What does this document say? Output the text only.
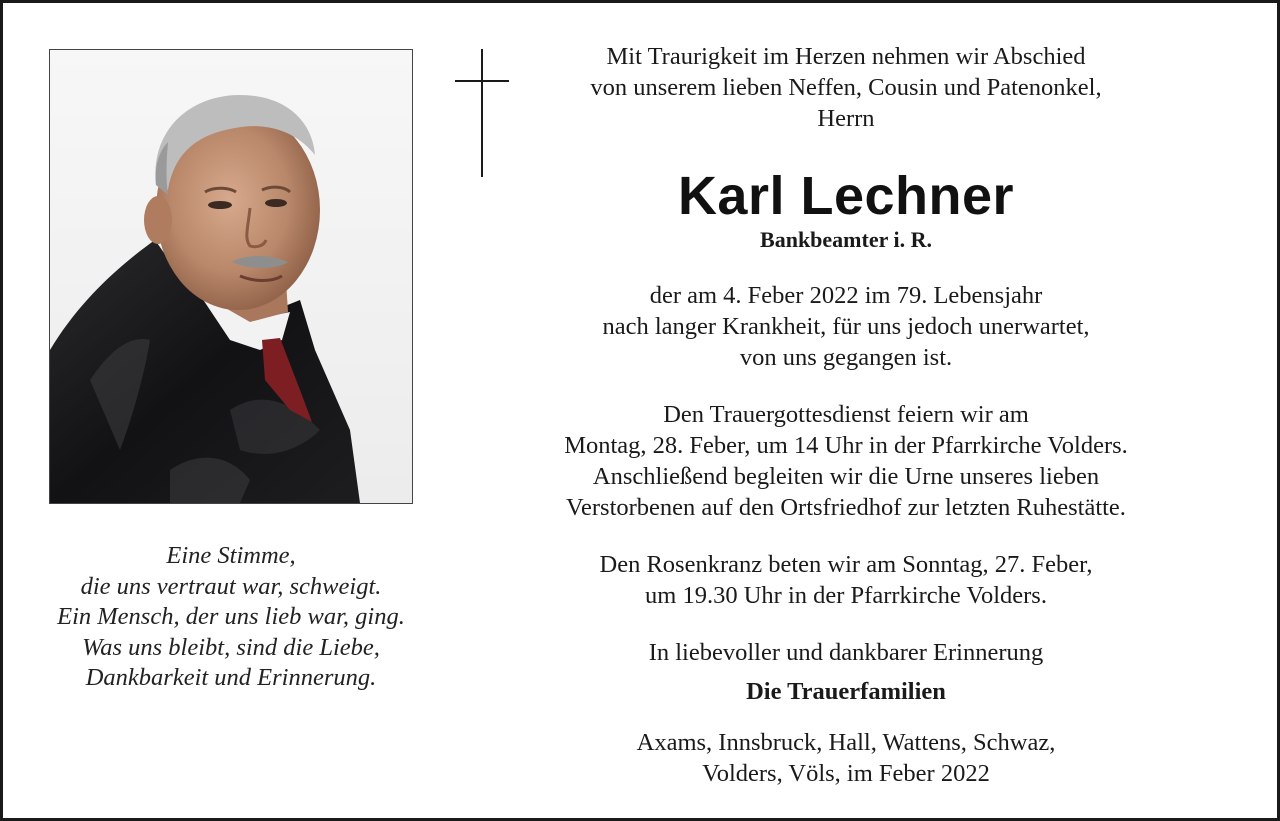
Eine Stimme,
die uns vertraut war, schweigt.
Ein Mensch, der uns lieb war, ging.
Was uns bleibt, sind die Liebe,
Dankbarkeit und Erinnerung.
Mit Traurigkeit im Herzen nehmen wir Abschied
von unserem lieben Neffen, Cousin und Patenonkel,
Herrn
Karl Lechner
Bankbeamter i. R.
der am 4. Feber 2022 im 79. Lebensjahr
nach langer Krankheit, für uns jedoch unerwartet,
von uns gegangen ist.
Den Trauergottesdienst feiern wir am
Montag, 28. Feber, um 14 Uhr in der Pfarrkirche Volders.
Anschließend begleiten wir die Urne unseres lieben
Verstorbenen auf den Ortsfriedhof zur letzten Ruhestätte.
Den Rosenkranz beten wir am Sonntag, 27. Feber,
um 19.30 Uhr in der Pfarrkirche Volders.
In liebevoller und dankbarer Erinnerung
Die Trauerfamilien
Axams, Innsbruck, Hall, Wattens, Schwaz,
Volders, Völs, im Feber 2022
